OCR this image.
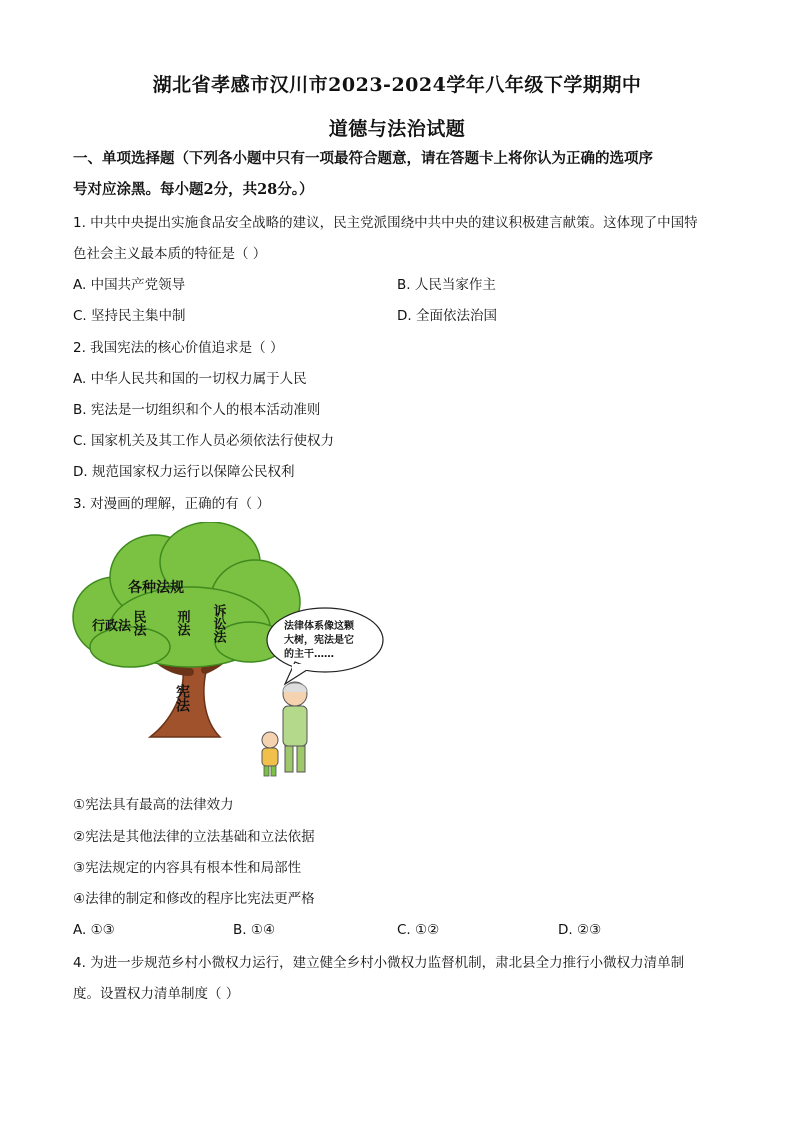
湖北省孝感市汉川市2023-2024学年八年级下学期期中
道德与法治试题
一、单项选择题（下列各小题中只有一项最符合题意，请在答题卡上将你认为正确的选项序
号对应涂黑。每小题2分，共28分。）
1. 中共中央提出实施食品安全战略的建议，民主党派围绕中共中央的建议积极建言献策。这体现了中国特
色社会主义最本质的特征是（ ）
A. 中国共产党领导	B. 人民当家作主
C. 坚持民主集中制	D. 全面依法治国
2. 我国宪法的核心价值追求是（ ）
A. 中华人民共和国的一切权力属于人民
B. 宪法是一切组织和个人的根本活动准则
C. 国家机关及其工作人员必须依法行使权力
D. 规范国家权力运行以保障公民权利
3. 对漫画的理解，正确的有（ ）
各种法规
行政法 民法 刑法 诉讼法
宪法
法律体系像这颗
大树，宪法是它
的主干……
①宪法具有最高的法律效力
②宪法是其他法律的立法基础和立法依据
③宪法规定的内容具有根本性和局部性
④法律的制定和修改的程序比宪法更严格
A. ①③	B. ①④	C. ①②	D. ②③
4. 为进一步规范乡村小微权力运行，建立健全乡村小微权力监督机制，肃北县全力推行小微权力清单制
度。设置权力清单制度（ ）
